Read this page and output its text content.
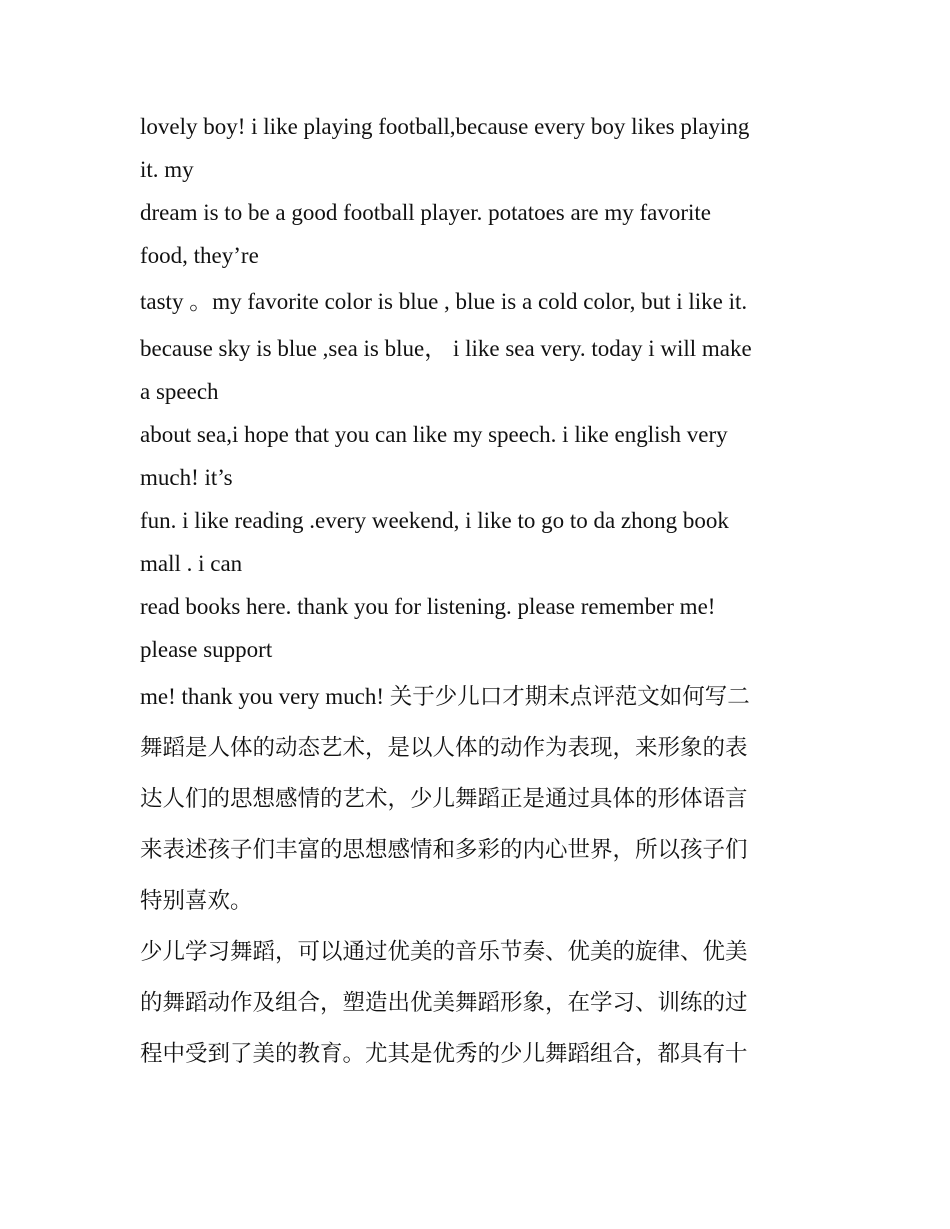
lovely boy! i like playing football,because every boy likes playing

it. my

dream is to be a good football player. potatoes are my favorite

food, they’re

tasty 。my favorite color is blue , blue is a cold color, but i like it.

because sky is blue ,sea is blue， i like sea very. today i will make

a speech

about sea,i hope that you can like my speech. i like english very

much! it’s

fun. i like reading .every weekend, i like to go to da zhong book

mall . i can

read books here. thank you for listening. please remember me!

please support

me! thank you very much! 关于少儿口才期末点评范文如何写二

舞蹈是人体的动态艺术，是以人体的动作为表现，来形象的表

达人们的思想感情的艺术，少儿舞蹈正是通过具体的形体语言

来表述孩子们丰富的思想感情和多彩的内心世界，所以孩子们

特别喜欢。

少儿学习舞蹈，可以通过优美的音乐节奏、优美的旋律、优美

的舞蹈动作及组合，塑造出优美舞蹈形象，在学习、训练的过

程中受到了美的教育。尤其是优秀的少儿舞蹈组合，都具有十
